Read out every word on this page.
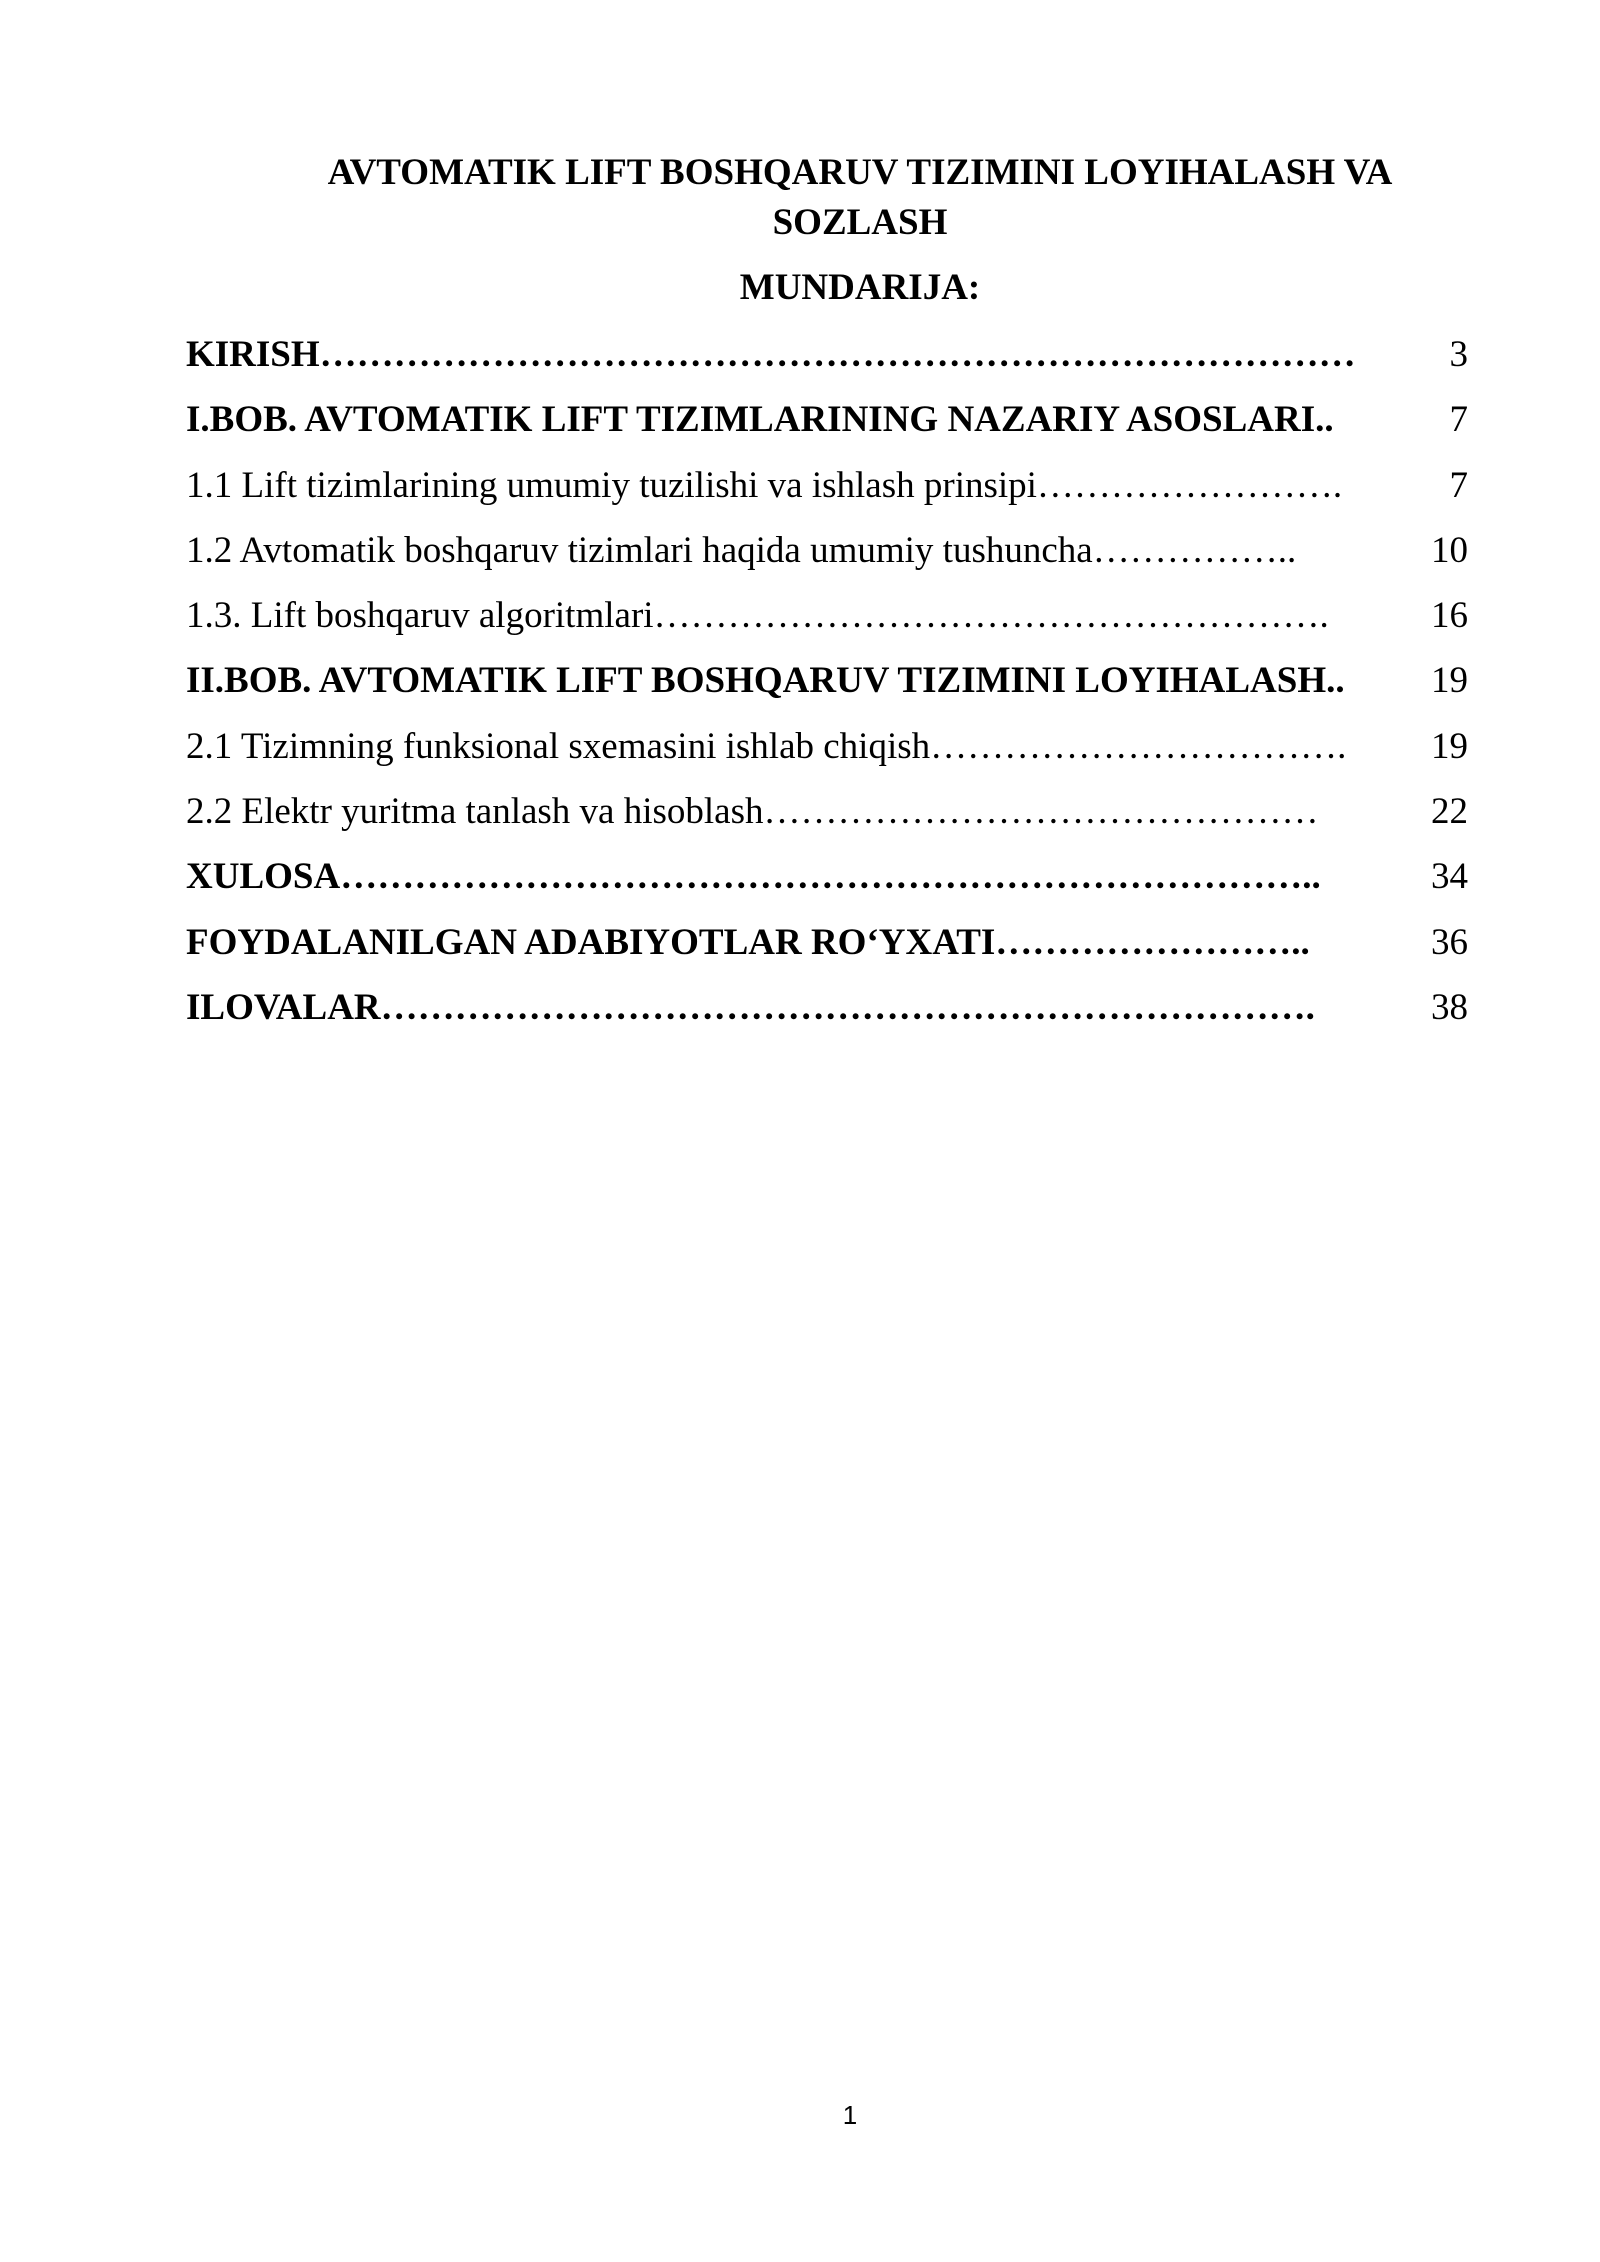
AVTOMATIK LIFT BOSHQARUV TIZIMINI LOYIHALASH VA
SOZLASH
MUNDARIJA:
KIRISH…………………………………………………………………………	3
I.BOB. AVTOMATIK LIFT TIZIMLARINING NAZARIY ASOSLARI..	7
1.1 Lift tizimlarining umumiy tuzilishi va ishlash prinsipi…………………….	7
1.2 Avtomatik boshqaruv tizimlari haqida umumiy tushuncha……………..	10
1.3. Lift boshqaruv algoritmlari……………………………………………….	16
II.BOB. AVTOMATIK LIFT BOSHQARUV TIZIMINI LOYIHALASH..	19
2.1 Tizimning funksional sxemasini ishlab chiqish…………………………….	19
2.2 Elektr yuritma tanlash va hisoblash………………………………………	22
XULOSA……………………………………………………………………..	34
FOYDALANILGAN ADABIYOTLAR RO‘YXATI……………………..	36
ILOVALAR………………………………………………………………….	38
1
